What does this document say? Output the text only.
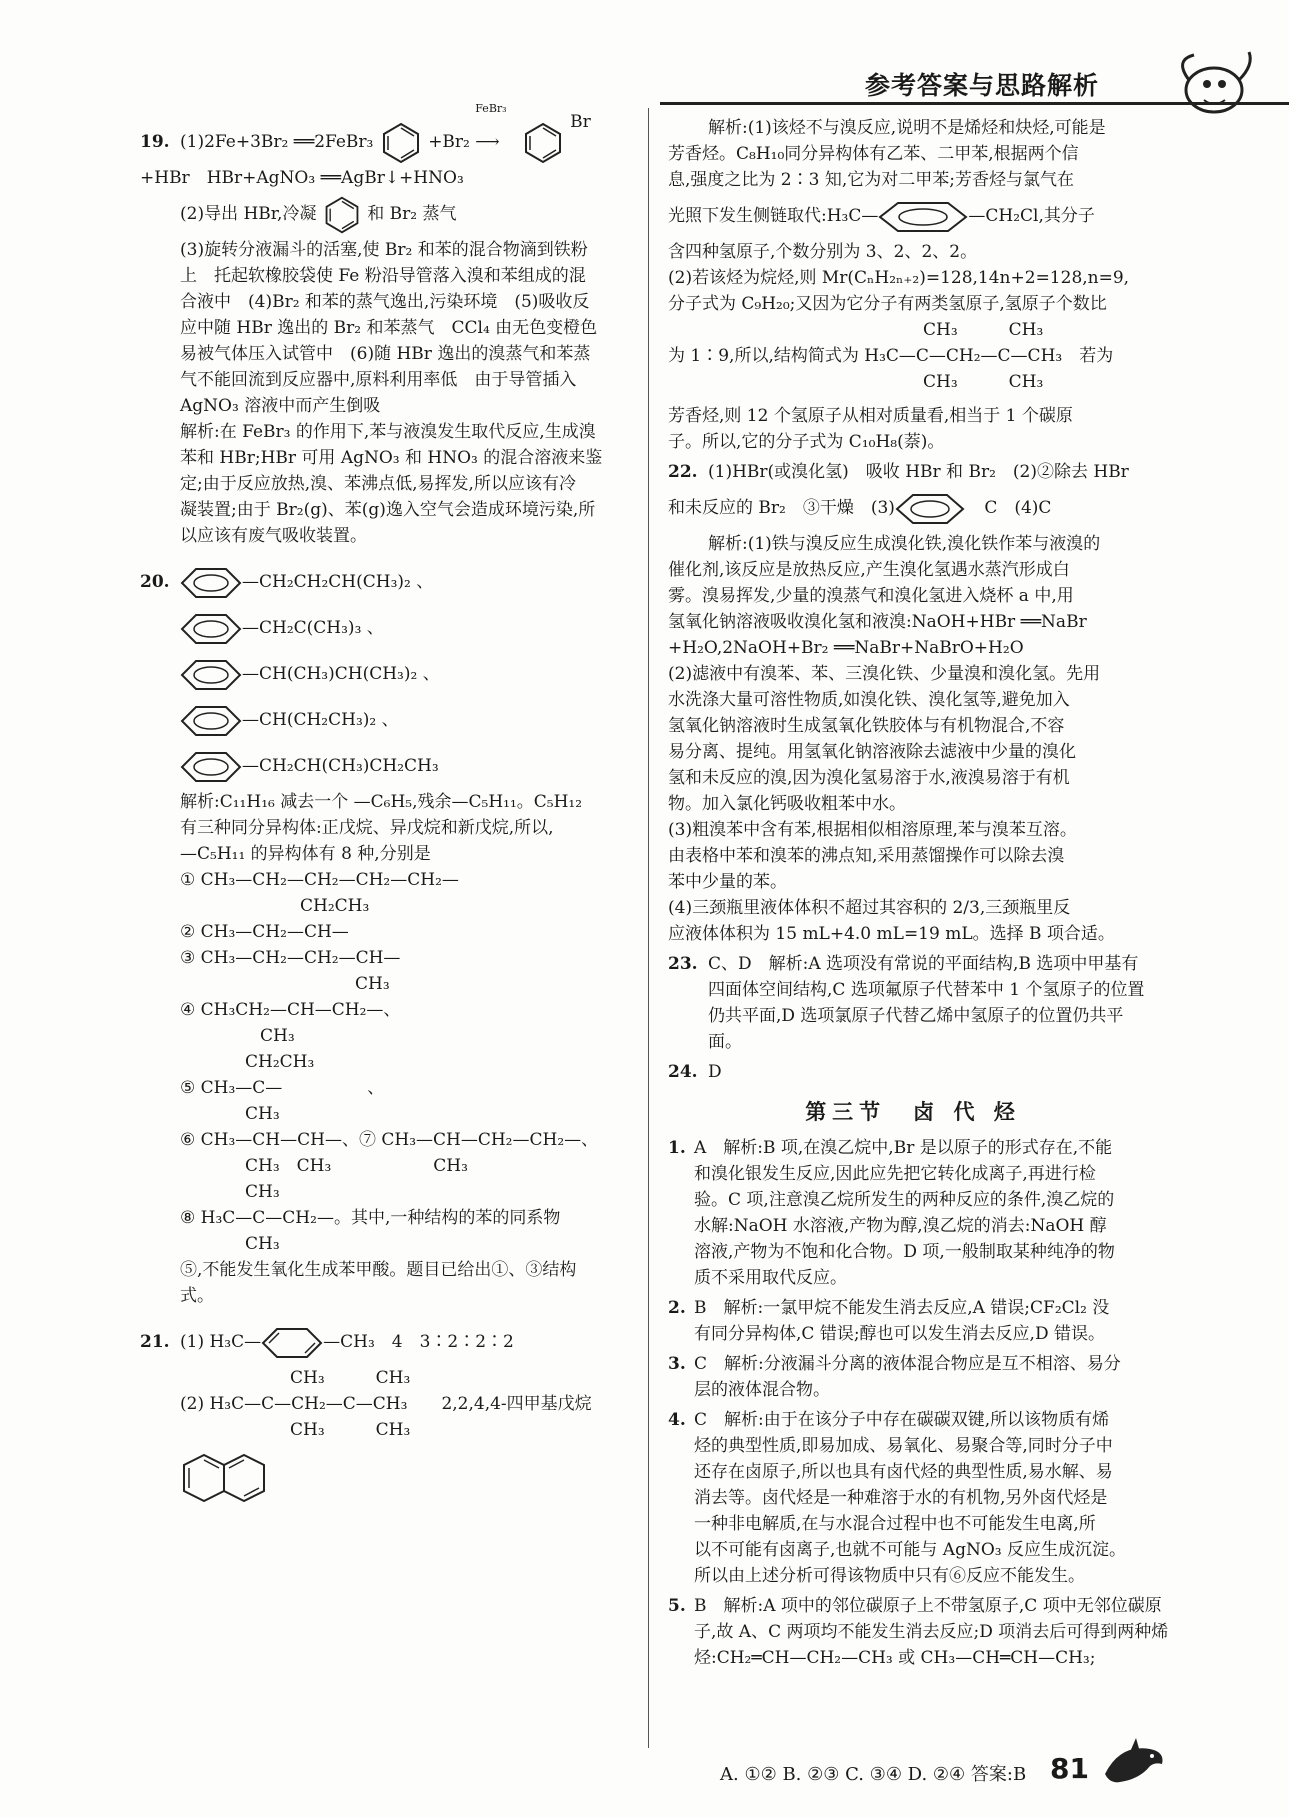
参考答案与思路解析
19. (1)2Fe+3Br₂ ══2FeBr₃	+Br₂
FeBr₃
⟶  Br
+HBr　HBr+AgNO₃ ══AgBr↓+HNO₃
(2)导出 HBr,冷凝	和 Br₂ 蒸气
(3)旋转分液漏斗的活塞,使 Br₂ 和苯的混合物滴到铁粉
上　托起软橡胶袋使 Fe 粉沿导管落入溴和苯组成的混
合液中　(4)Br₂ 和苯的蒸气逸出,污染环境　(5)吸收反
应中随 HBr 逸出的 Br₂ 和苯蒸气　CCl₄ 由无色变橙色
易被气体压入试管中　(6)随 HBr 逸出的溴蒸气和苯蒸
气不能回流到反应器中,原料利用率低　由于导管插入
AgNO₃ 溶液中而产生倒吸
解析:在 FeBr₃ 的作用下,苯与液溴发生取代反应,生成溴
苯和 HBr;HBr 可用 AgNO₃ 和 HNO₃ 的混合溶液来鉴
定;由于反应放热,溴、苯沸点低,易挥发,所以应该有冷
凝装置;由于 Br₂(g)、苯(g)逸入空气会造成环境污染,所
以应该有废气吸收装置。
20.	—CH₂CH₂CH(CH₃)₂ 、
—CH₂C(CH₃)₃ 、
—CH(CH₃)CH(CH₃)₂ 、
—CH(CH₂CH₃)₂ 、
—CH₂CH(CH₃)CH₂CH₃
解析:C₁₁H₁₆ 减去一个 —C₆H₅,残余—C₅H₁₁。C₅H₁₂
有三种同分异构体:正戊烷、异戊烷和新戊烷,所以,
—C₅H₁₁ 的异构体有 8 种,分别是
① CH₃—CH₂—CH₂—CH₂—CH₂—
CH₂CH₃
② CH₃—CH₂—CH—
③ CH₃—CH₂—CH₂—CH—
CH₃
④ CH₃CH₂—CH—CH₂—、
CH₃
CH₂CH₃
⑤ CH₃—C—　　　　　、
CH₃
⑥ CH₃—CH—CH—、⑦ CH₃—CH—CH₂—CH₂—、
CH₃　CH₃　　　　　　CH₃
CH₃
⑧ H₃C—C—CH₂—。其中,一种结构的苯的同系物
CH₃
⑤,不能发生氧化生成苯甲酸。题目已给出①、③结构
式。
21. (1) H₃C—	—CH₃　4　3∶2∶2∶2
CH₃　　　CH₃
(2) H₃C—C—CH₂—C—CH₃　　2,2,4,4-四甲基戊烷
CH₃　　　CH₃
解析:(1)该烃不与溴反应,说明不是烯烃和炔烃,可能是
芳香烃。C₈H₁₀同分异构体有乙苯、二甲苯,根据两个信
息,强度之比为 2∶3 知,它为对二甲苯;芳香烃与氯气在
光照下发生侧链取代:H₃C—	—CH₂Cl,其分子
含四种氢原子,个数分别为 3、2、2、2。
(2)若该烃为烷烃,则 Mr(CₙH₂ₙ₊₂)=128,14n+2=128,n=9,
分子式为 C₉H₂₀;又因为它分子有两类氢原子,氢原子个数比
CH₃　　　CH₃
为 1∶9,所以,结构简式为 H₃C—C—CH₂—C—CH₃　若为
CH₃　　　CH₃
芳香烃,则 12 个氢原子从相对质量看,相当于 1 个碳原
子。所以,它的分子式为 C₁₀H₈(萘)。
22. (1)HBr(或溴化氢)　吸收 HBr 和 Br₂　(2)②除去 HBr
和未反应的 Br₂　③干燥　(3)	C　(4)C
解析:(1)铁与溴反应生成溴化铁,溴化铁作苯与液溴的
催化剂,该反应是放热反应,产生溴化氢遇水蒸汽形成白
雾。溴易挥发,少量的溴蒸气和溴化氢进入烧杯 a 中,用
氢氧化钠溶液吸收溴化氢和液溴:NaOH+HBr ══NaBr
+H₂O,2NaOH+Br₂ ══NaBr+NaBrO+H₂O
(2)滤液中有溴苯、苯、三溴化铁、少量溴和溴化氢。先用
水洗涤大量可溶性物质,如溴化铁、溴化氢等,避免加入
氢氧化钠溶液时生成氢氧化铁胶体与有机物混合,不容
易分离、提纯。用氢氧化钠溶液除去滤液中少量的溴化
氢和未反应的溴,因为溴化氢易溶于水,液溴易溶于有机
物。加入氯化钙吸收粗苯中水。
(3)粗溴苯中含有苯,根据相似相溶原理,苯与溴苯互溶。
由表格中苯和溴苯的沸点知,采用蒸馏操作可以除去溴
苯中少量的苯。
(4)三颈瓶里液体体积不超过其容积的 2/3,三颈瓶里反
应液体体积为 15 mL+4.0 mL=19 mL。选择 B 项合适。
23. C、D　解析:A 选项没有常说的平面结构,B 选项中甲基有
四面体空间结构,C 选项氟原子代替苯中 1 个氢原子的位置
仍共平面,D 选项氯原子代替乙烯中氢原子的位置仍共平
面。
24. D
第三节　卤 代 烃
1. A　解析:B 项,在溴乙烷中,Br 是以原子的形式存在,不能
和溴化银发生反应,因此应先把它转化成离子,再进行检
验。C 项,注意溴乙烷所发生的两种反应的条件,溴乙烷的
水解:NaOH 水溶液,产物为醇,溴乙烷的消去:NaOH 醇
溶液,产物为不饱和化合物。D 项,一般制取某种纯净的物
质不采用取代反应。
2. B　解析:一氯甲烷不能发生消去反应,A 错误;CF₂Cl₂ 没
有同分异构体,C 错误;醇也可以发生消去反应,D 错误。
3. C　解析:分液漏斗分离的液体混合物应是互不相溶、易分
层的液体混合物。
4. C　解析:由于在该分子中存在碳碳双键,所以该物质有烯
烃的典型性质,即易加成、易氧化、易聚合等,同时分子中
还存在卤原子,所以也具有卤代烃的典型性质,易水解、易
消去等。卤代烃是一种难溶于水的有机物,另外卤代烃是
一种非电解质,在与水混合过程中也不可能发生电离,所
以不可能有卤离子,也就不可能与 AgNO₃ 反应生成沉淀。
所以由上述分析可得该物质中只有⑥反应不能发生。
5. B　解析:A 项中的邻位碳原子上不带氢原子,C 项中无邻位碳原
子,故 A、C 两项均不能发生消去反应;D 项消去后可得到两种烯
烃:CH₂═CH—CH₂—CH₃ 或 CH₃—CH═CH—CH₃;
A. ①② B. ②③ C. ③④ D. ②④ 答案:B 81
